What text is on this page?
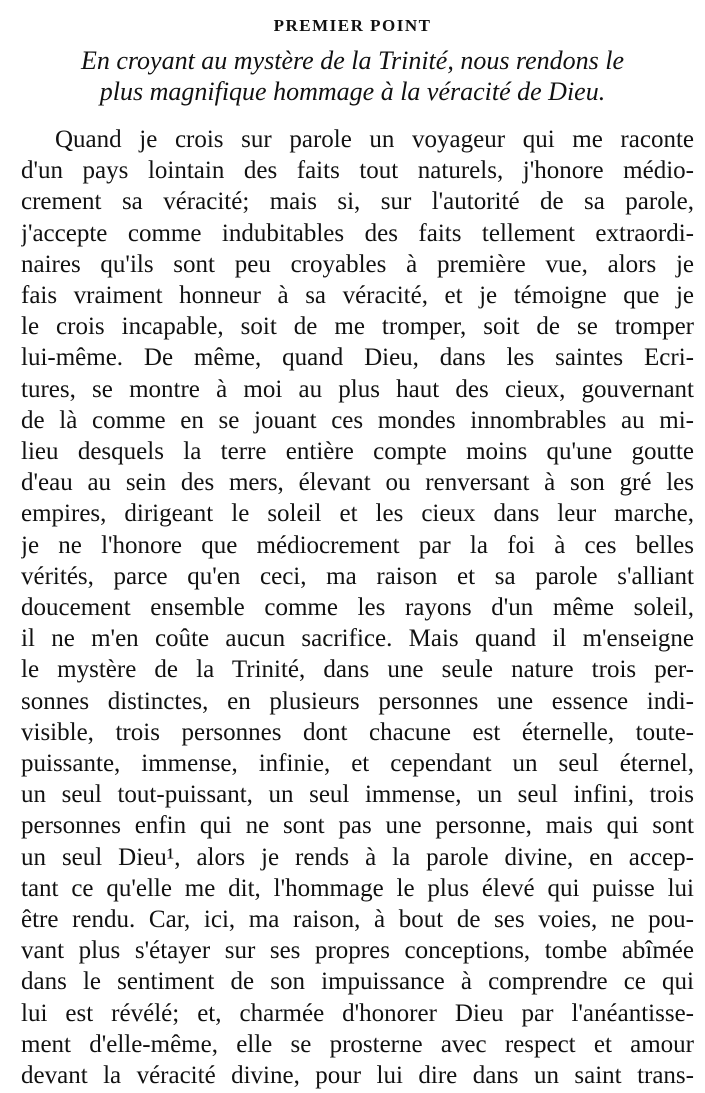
PREMIER POINT
En croyant au mystère de la Trinité, nous rendons le
plus magnifique hommage à la véracité de Dieu.
Quand je crois sur parole un voyageur qui me raconte
d'un pays lointain des faits tout naturels, j'honore médio-
crement sa véracité; mais si, sur l'autorité de sa parole,
j'accepte comme indubitables des faits tellement extraordi-
naires qu'ils sont peu croyables à première vue, alors je
fais vraiment honneur à sa véracité, et je témoigne que je
le crois incapable, soit de me tromper, soit de se tromper
lui-même. De même, quand Dieu, dans les saintes Ecri-
tures, se montre à moi au plus haut des cieux, gouvernant
de là comme en se jouant ces mondes innombrables au mi-
lieu desquels la terre entière compte moins qu'une goutte
d'eau au sein des mers, élevant ou renversant à son gré les
empires, dirigeant le soleil et les cieux dans leur marche,
je ne l'honore que médiocrement par la foi à ces belles
vérités, parce qu'en ceci, ma raison et sa parole s'alliant
doucement ensemble comme les rayons d'un même soleil,
il ne m'en coûte aucun sacrifice. Mais quand il m'enseigne
le mystère de la Trinité, dans une seule nature trois per-
sonnes distinctes, en plusieurs personnes une essence indi-
visible, trois personnes dont chacune est éternelle, toute-
puissante, immense, infinie, et cependant un seul éternel,
un seul tout-puissant, un seul immense, un seul infini, trois
personnes enfin qui ne sont pas une personne, mais qui sont
un seul Dieu¹, alors je rends à la parole divine, en accep-
tant ce qu'elle me dit, l'hommage le plus élevé qui puisse lui
être rendu. Car, ici, ma raison, à bout de ses voies, ne pou-
vant plus s'étayer sur ses propres conceptions, tombe abîmée
dans le sentiment de son impuissance à comprendre ce qui
lui est révélé; et, charmée d'honorer Dieu par l'anéantisse-
ment d'elle-même, elle se prosterne avec respect et amour
devant la véracité divine, pour lui dire dans un saint trans-
